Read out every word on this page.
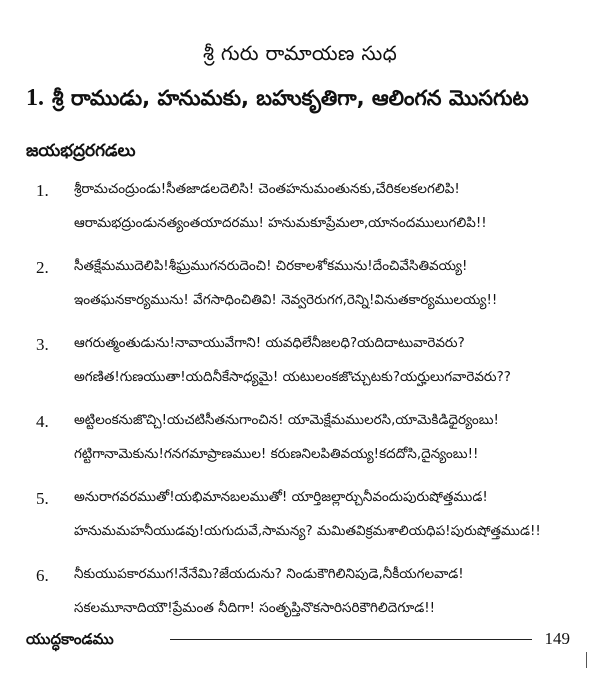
శ్రీ గురు రామాయణ సుధ
1. శ్రీ రాముడు, హనుమకు, బహుకృతిగా, ఆలింగన మొసగుట
జయభద్రరగడలు
1. శ్రీరామచంద్రుండు!సీతజాడలదెలిసి! చెంతహనుమంతునకు,చేరికలకలగలిపి!
ఆరామభద్రుండునత్యంతయాదరము! హనుమకూప్రేమలా,యానందములుగలిపి!!
2. సీతక్షేమముదెలిపి!శీఘ్రముగనరుదెంచి! చిరకాలశోకమును!దేంచివేసితివయ్య!
ఇంతఘనకార్యమును! వేగసాధించితివి! నెవ్వరెరుగగ,రెన్ని!వినుతకార్యములయ్య!!
3. ఆగరుత్మంతుడును!నావాయువేగాని! యవధిలేనీజలధి?యదిదాటువారెవరు?
అగణిత!గుణయుతా!యదినీకేసాధ్యమై! యటులంకజొచ్చుటకు?యర్హులుగవారెవరు??
4. అట్టిలంకనుజొచ్చి!యచటిసీతనుగాంచిన! యామెక్షేమములరసి,యామెకిడిధైర్యంబు!
గట్టిగానామెకును!గనగమాప్రాణముల! కరుణనిలపితివయ్య!కదదోసి,దైన్యంబు!!
5. అనురాగవరముతో!యభిమానబలముతో! యార్తిజల్లార్చునీవందుపురుషోత్తముడ!
హనుమమహనీయుడవు!యగుదువే,సామన్య? మమితవిక్రమశాలియధిప!పురుషోత్తముడ!!
6. నీకుయుపకారముగ!నేనేమి?జేయదును? నిండుకౌగిలినిపుడె,నీకీయగలవాడ!
సకలమూనాదియౌ!ప్రేమంత నీదిగా! సంతృప్తినొకసారిసరికౌగిలిదెగూడ!!
యుద్ధకాండము	149
